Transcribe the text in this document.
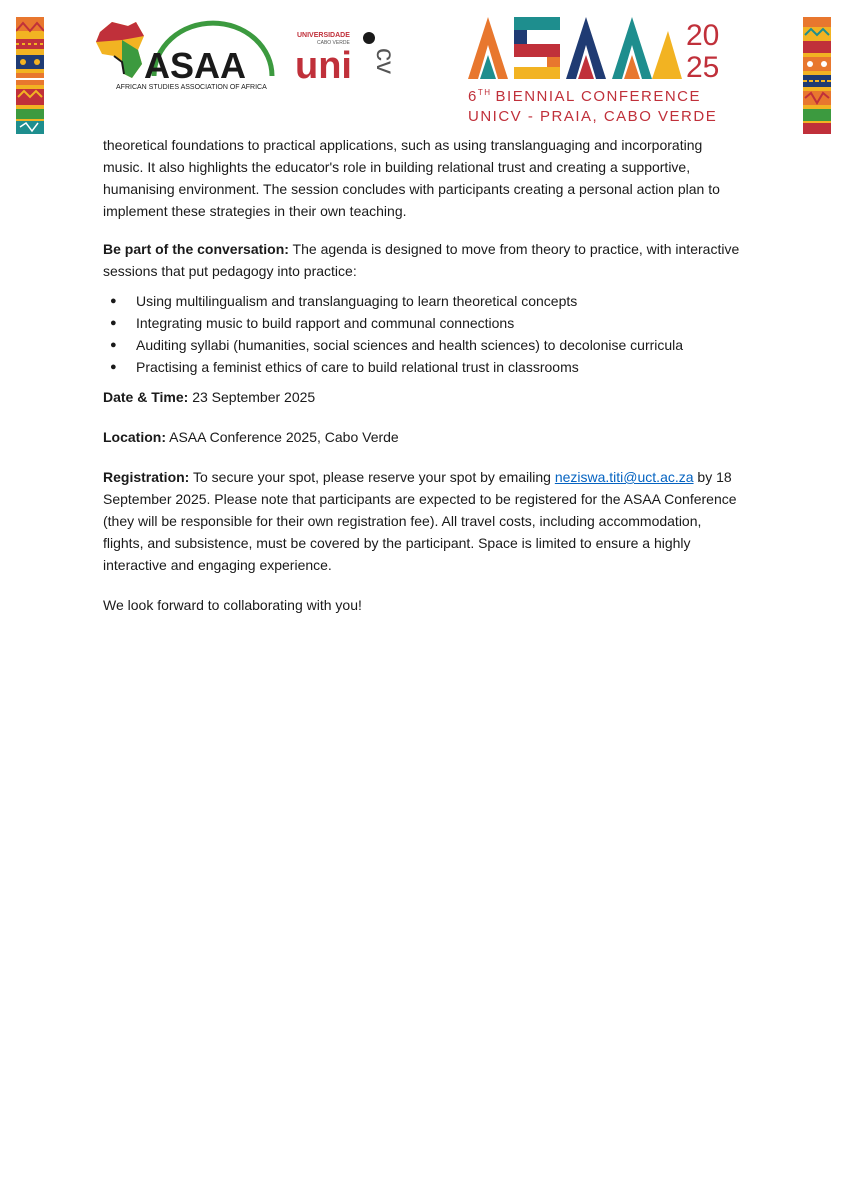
ASAA
AFRICAN STUDIES ASSOCIATION OF AFRICA
UNIVERSIDADE
CABO VERDE
uni cv
20
25
6TH BIENNIAL CONFERENCE
UNICV - PRAIA, CABO VERDE

theoretical foundations to practical applications, such as using translanguaging and incorporating music. It also highlights the educator's role in building relational trust and creating a supportive, humanising environment. The session concludes with participants creating a personal action plan to implement these strategies in their own teaching.

Be part of the conversation: The agenda is designed to move from theory to practice, with interactive sessions that put pedagogy into practice:

● Using multilingualism and translanguaging to learn theoretical concepts
● Integrating music to build rapport and communal connections
● Auditing syllabi (humanities, social sciences and health sciences) to decolonise curricula
● Practising a feminist ethics of care to build relational trust in classrooms

Date & Time: 23 September 2025

Location: ASAA Conference 2025, Cabo Verde

Registration: To secure your spot, please reserve your spot by emailing neziswa.titi@uct.ac.za by 18 September 2025. Please note that participants are expected to be registered for the ASAA Conference (they will be responsible for their own registration fee). All travel costs, including accommodation, flights, and subsistence, must be covered by the participant. Space is limited to ensure a highly interactive and engaging experience.

We look forward to collaborating with you!
